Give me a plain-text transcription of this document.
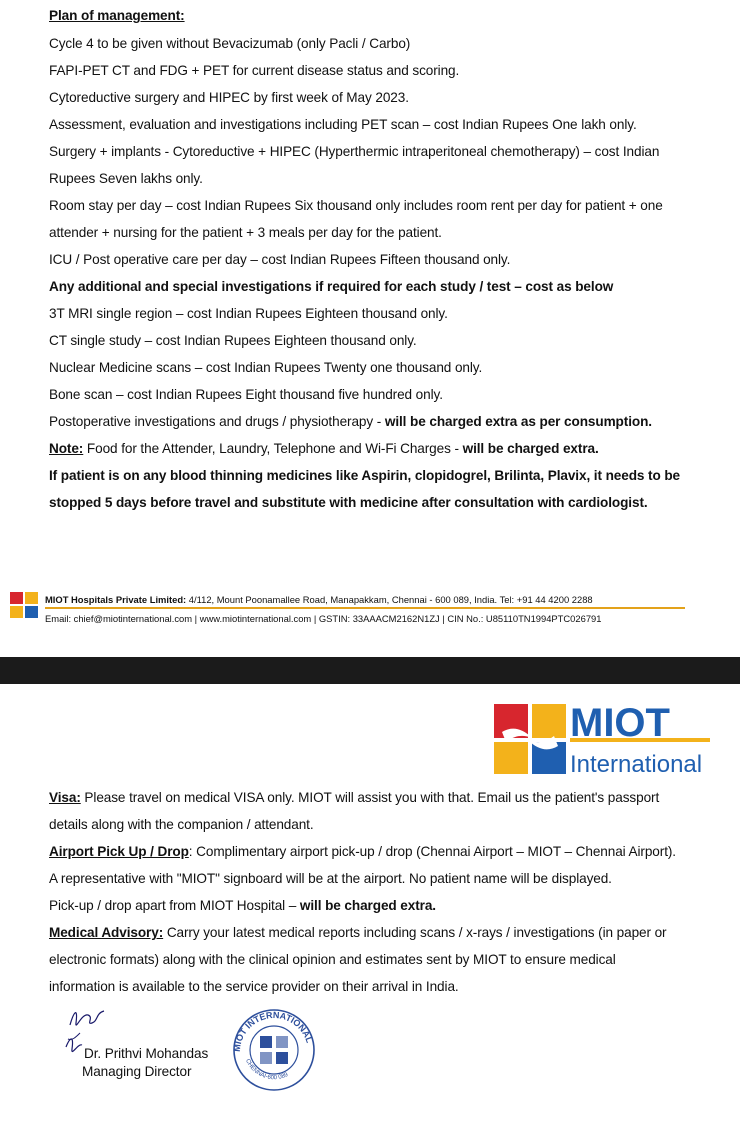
Plan of management:
Cycle 4 to be given without Bevacizumab (only Pacli / Carbo)
FAPI-PET CT and FDG + PET for current disease status and scoring.
Cytoreductive surgery and HIPEC by first week of May 2023.
Assessment, evaluation and investigations including PET scan – cost Indian Rupees One lakh only.
Surgery + implants - Cytoreductive + HIPEC (Hyperthermic intraperitoneal chemotherapy) – cost Indian
Rupees Seven lakhs only.
Room stay per day – cost Indian Rupees Six thousand only includes room rent per day for patient + one
attender + nursing for the patient + 3 meals per day for the patient.
ICU / Post operative care per day – cost Indian Rupees Fifteen thousand only.
Any additional and special investigations if required for each study / test – cost as below
3T MRI single region – cost Indian Rupees Eighteen thousand only.
CT single study – cost Indian Rupees Eighteen thousand only.
Nuclear Medicine scans – cost Indian Rupees Twenty one thousand only.
Bone scan – cost Indian Rupees Eight thousand five hundred only.
Postoperative investigations and drugs / physiotherapy - will be charged extra as per consumption.
Note: Food for the Attender, Laundry, Telephone and Wi-Fi Charges - will be charged extra.
If patient is on any blood thinning medicines like Aspirin, clopidogrel, Brilinta, Plavix, it needs to be
stopped 5 days before travel and substitute with medicine after consultation with cardiologist.
MIOT Hospitals Private Limited: 4/112, Mount Poonamallee Road, Manapakkam, Chennai - 600 089, India. Tel: +91 44 4200 2288
Email: chief@miotinternational.com | www.miotinternational.com | GSTIN: 33AAACM2162N1ZJ | CIN No.: U85110TN1994PTC026791
MIOT
International
Visa: Please travel on medical VISA only. MIOT will assist you with that. Email us the patient's passport
details along with the companion / attendant.
Airport Pick Up / Drop: Complimentary airport pick-up / drop (Chennai Airport – MIOT – Chennai Airport).
A representative with "MIOT" signboard will be at the airport. No patient name will be displayed.
Pick-up / drop apart from MIOT Hospital – will be charged extra.
Medical Advisory: Carry your latest medical reports including scans / x-rays / investigations (in paper or
electronic formats) along with the clinical opinion and estimates sent by MIOT to ensure medical
information is available to the service provider on their arrival in India.
Dr. Prithvi Mohandas
Managing Director
MIOT INTERNATIONAL
CHENNAI-600 089
